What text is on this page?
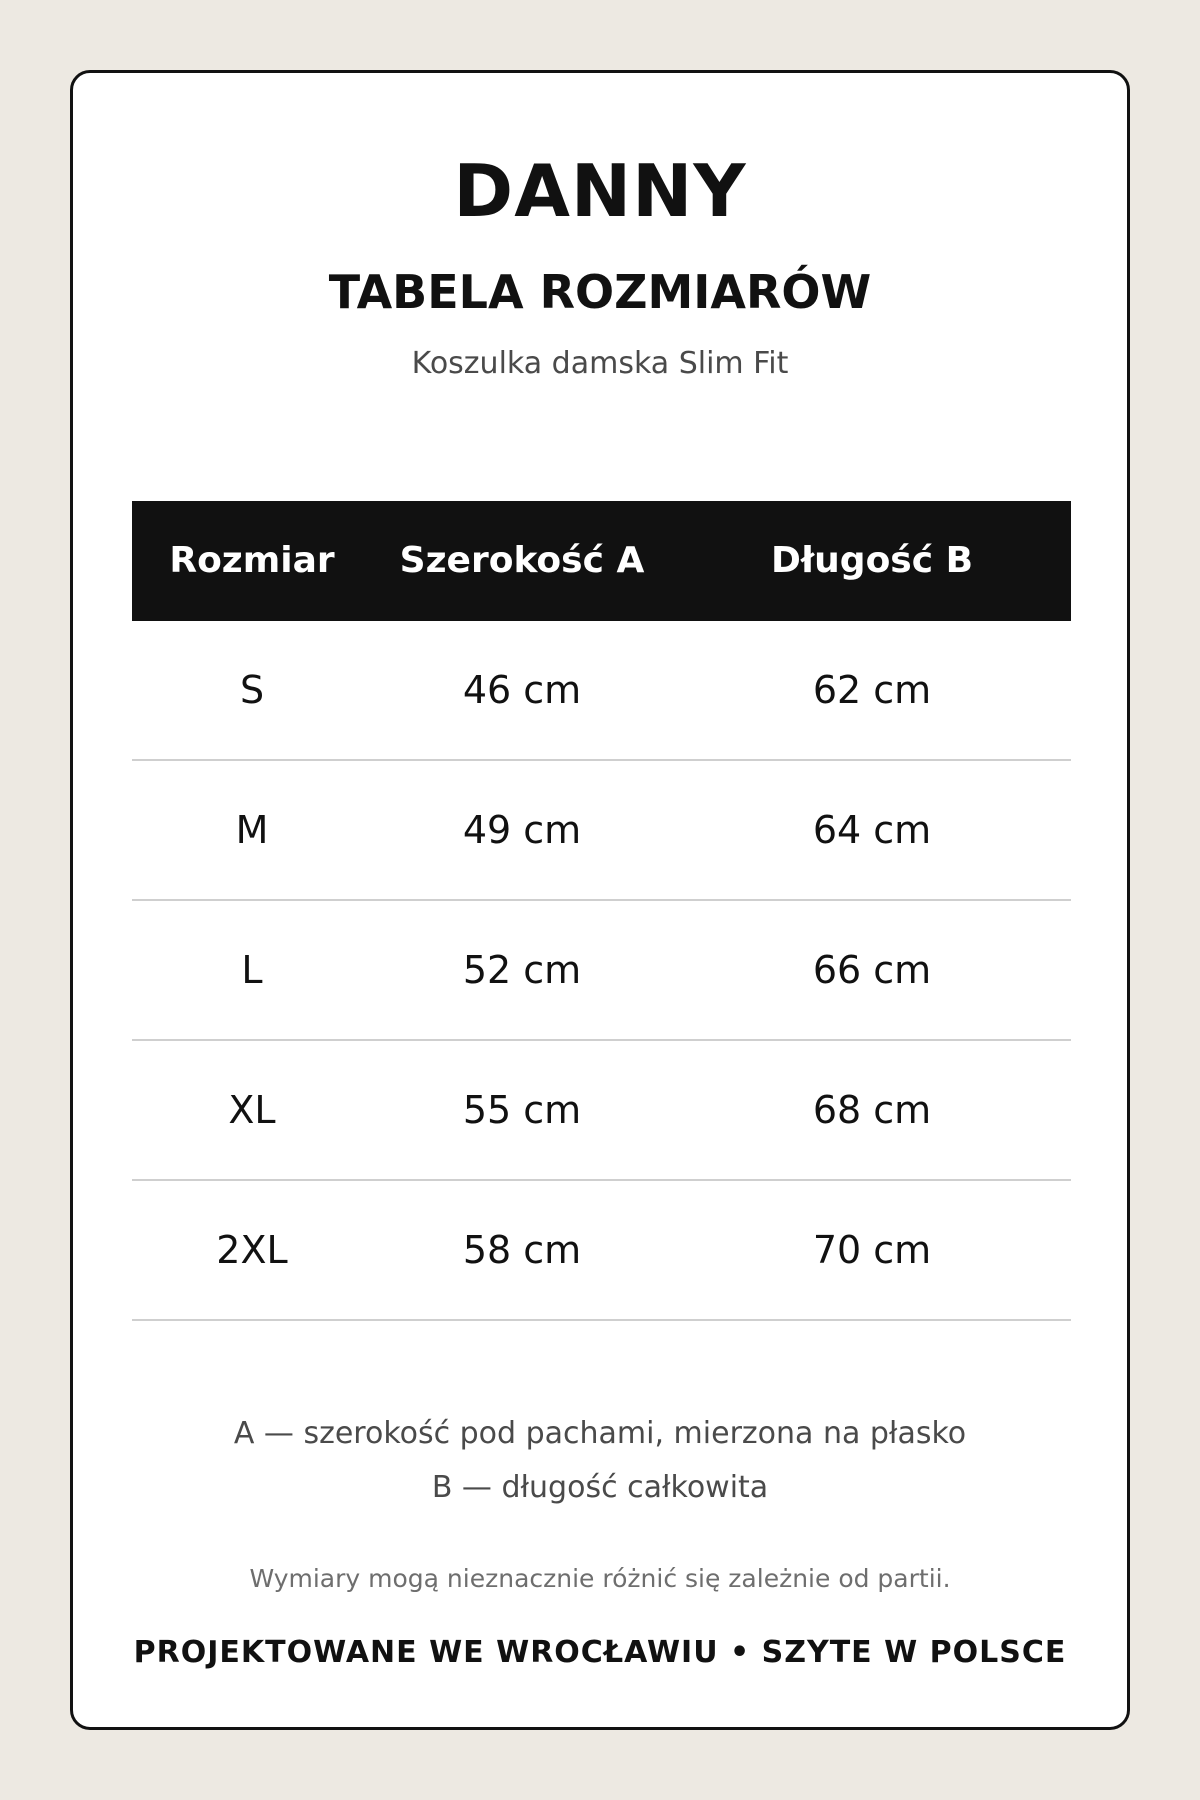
DANNY
TABELA ROZMIARÓW
Koszulka damska Slim Fit
Rozmiar	Szerokość A	Długość B
S	46 cm	62 cm
M	49 cm	64 cm
L	52 cm	66 cm
XL	55 cm	68 cm
2XL	58 cm	70 cm
A — szerokość pod pachami, mierzona na płasko
B — długość całkowita
Wymiary mogą nieznacznie różnić się zależnie od partii.
PROJEKTOWANE WE WROCŁAWIU • SZYTE W POLSCE
